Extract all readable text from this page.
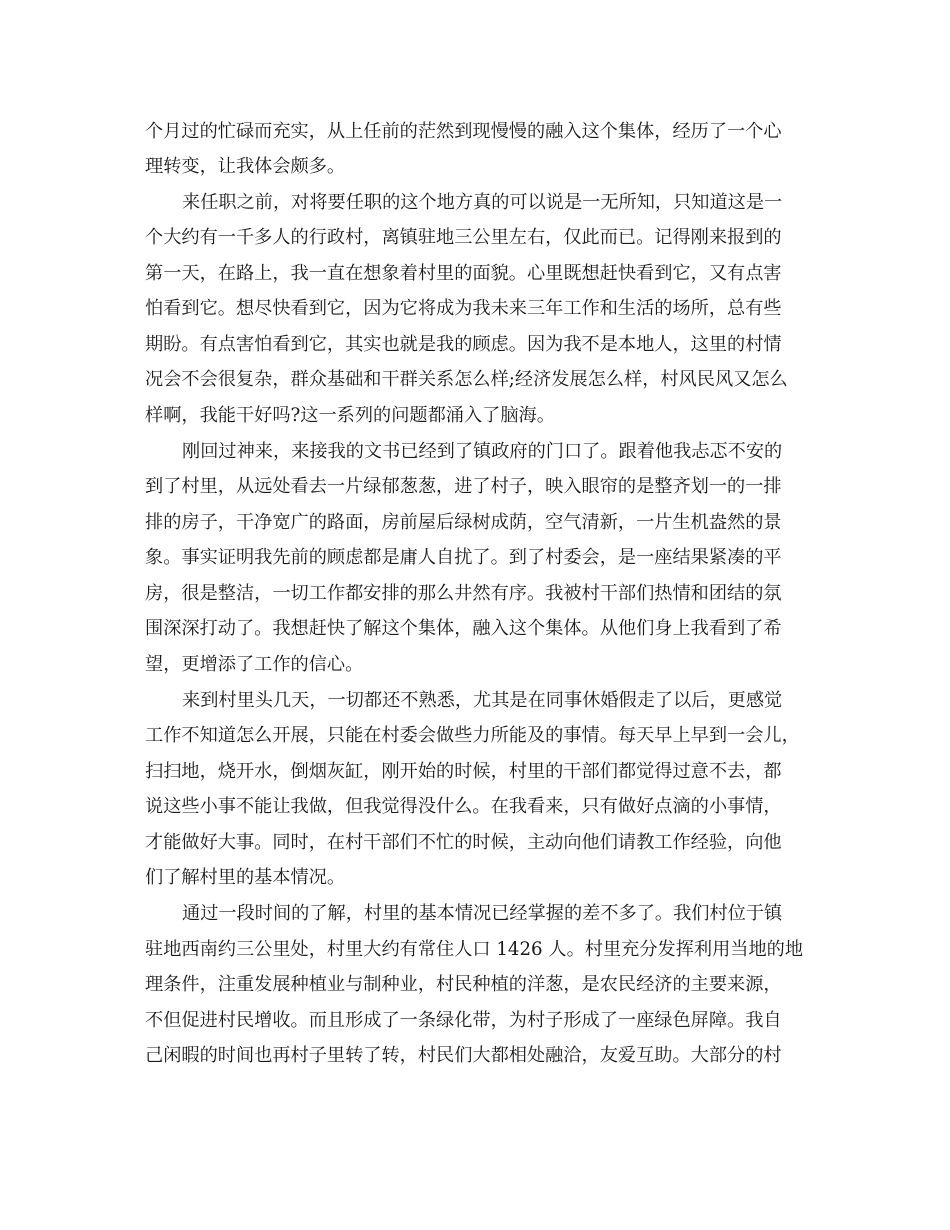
个月过的忙碌而充实，从上任前的茫然到现慢慢的融入这个集体，经历了一个心
理转变，让我体会颇多。
来任职之前，对将要任职的这个地方真的可以说是一无所知，只知道这是一
个大约有一千多人的行政村，离镇驻地三公里左右，仅此而已。记得刚来报到的
第一天，在路上，我一直在想象着村里的面貌。心里既想赶快看到它，又有点害
怕看到它。想尽快看到它，因为它将成为我未来三年工作和生活的场所，总有些
期盼。有点害怕看到它，其实也就是我的顾虑。因为我不是本地人，这里的村情
况会不会很复杂，群众基础和干群关系怎么样;经济发展怎么样，村风民风又怎么
样啊，我能干好吗?这一系列的问题都涌入了脑海。
刚回过神来，来接我的文书已经到了镇政府的门口了。跟着他我忐忑不安的
到了村里，从远处看去一片绿郁葱葱，进了村子，映入眼帘的是整齐划一的一排
排的房子，干净宽广的路面，房前屋后绿树成荫，空气清新，一片生机盎然的景
象。事实证明我先前的顾虑都是庸人自扰了。到了村委会，是一座结果紧凑的平
房，很是整洁，一切工作都安排的那么井然有序。我被村干部们热情和团结的氛
围深深打动了。我想赶快了解这个集体，融入这个集体。从他们身上我看到了希
望，更增添了工作的信心。
来到村里头几天，一切都还不熟悉，尤其是在同事休婚假走了以后，更感觉
工作不知道怎么开展，只能在村委会做些力所能及的事情。每天早上早到一会儿，
扫扫地，烧开水，倒烟灰缸，刚开始的时候，村里的干部们都觉得过意不去，都
说这些小事不能让我做，但我觉得没什么。在我看来，只有做好点滴的小事情，
才能做好大事。同时，在村干部们不忙的时候，主动向他们请教工作经验，向他
们了解村里的基本情况。
通过一段时间的了解，村里的基本情况已经掌握的差不多了。我们村位于镇
驻地西南约三公里处，村里大约有常住人口 1426 人。村里充分发挥利用当地的地
理条件，注重发展种植业与制种业，村民种植的洋葱，是农民经济的主要来源，
不但促进村民增收。而且形成了一条绿化带，为村子形成了一座绿色屏障。我自
己闲暇的时间也再村子里转了转，村民们大都相处融洽，友爱互助。大部分的村
